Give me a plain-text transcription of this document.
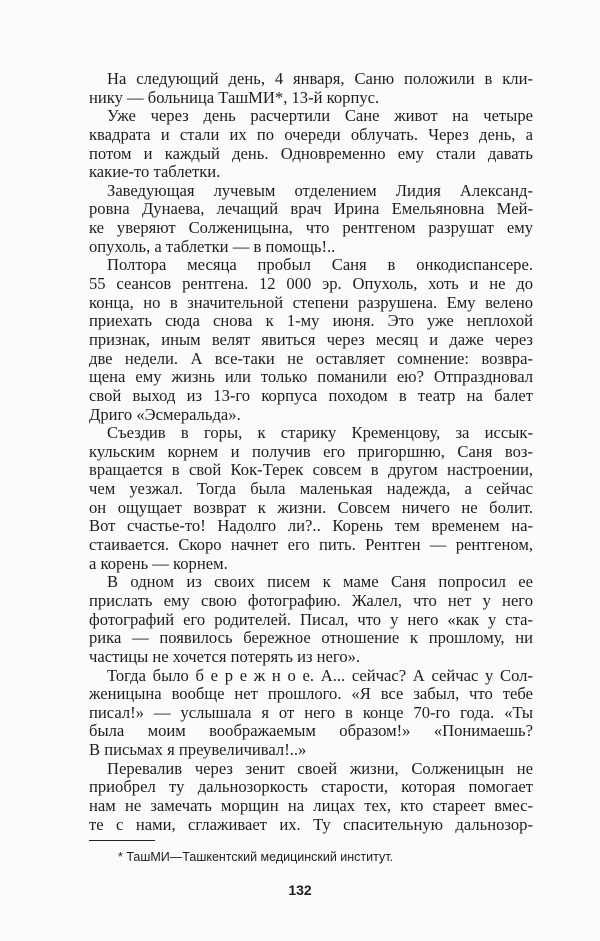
На следующий день, 4 января, Саню положили в кли-
нику — больница ТашМИ*, 13-й корпус.
Уже через день расчертили Сане живот на четыре
квадрата и стали их по очереди облучать. Через день, а
потом и каждый день. Одновременно ему стали давать
какие-то таблетки.
Заведующая лучевым отделением Лидия Александ-
ровна Дунаева, лечащий врач Ирина Емельяновна Мей-
ке уверяют Солженицына, что рентгеном разрушат ему
опухоль, а таблетки — в помощь!..
Полтора месяца пробыл Саня в онкодиспансере.
55 сеансов рентгена. 12 000 эр. Опухоль, хоть и не до
конца, но в значительной степени разрушена. Ему велено
приехать сюда снова к 1-му июня. Это уже неплохой
признак, иным велят явиться через месяц и даже через
две недели. А все-таки не оставляет сомнение: возвра-
щена ему жизнь или только поманили ею? Отпраздновал
свой выход из 13-го корпуса походом в театр на балет
Дриго «Эсмеральда».
Съездив в горы, к старику Кременцову, за иссык-
кульским корнем и получив его пригоршню, Саня воз-
вращается в свой Кок-Терек совсем в другом настроении,
чем уезжал. Тогда была маленькая надежда, а сейчас
он ощущает возврат к жизни. Совсем ничего не болит.
Вот счастье-то! Надолго ли?.. Корень тем временем на-
стаивается. Скоро начнет его пить. Рентген — рентгеном,
а корень — корнем.
В одном из своих писем к маме Саня попросил ее
прислать ему свою фотографию. Жалел, что нет у него
фотографий его родителей. Писал, что у него «как у ста-
рика — появилось бережное отношение к прошлому, ни
частицы не хочется потерять из него».
Тогда было б е р е ж н о е. А... сейчас? А сейчас у Сол-
женицына вообще нет прошлого. «Я все забыл, что тебе
писал!» — услышала я от него в конце 70-го года. «Ты
была моим воображаемым образом!» «Понимаешь?
В письмах я преувеличивал!..»
Перевалив через зенит своей жизни, Солженицын не
приобрел ту дальнозоркость старости, которая помогает
нам не замечать морщин на лицах тех, кто стареет вмес-
те с нами, сглаживает их. Ту спасительную дальнозор-
* ТашМИ—Ташкентский медицинский институт.
132
